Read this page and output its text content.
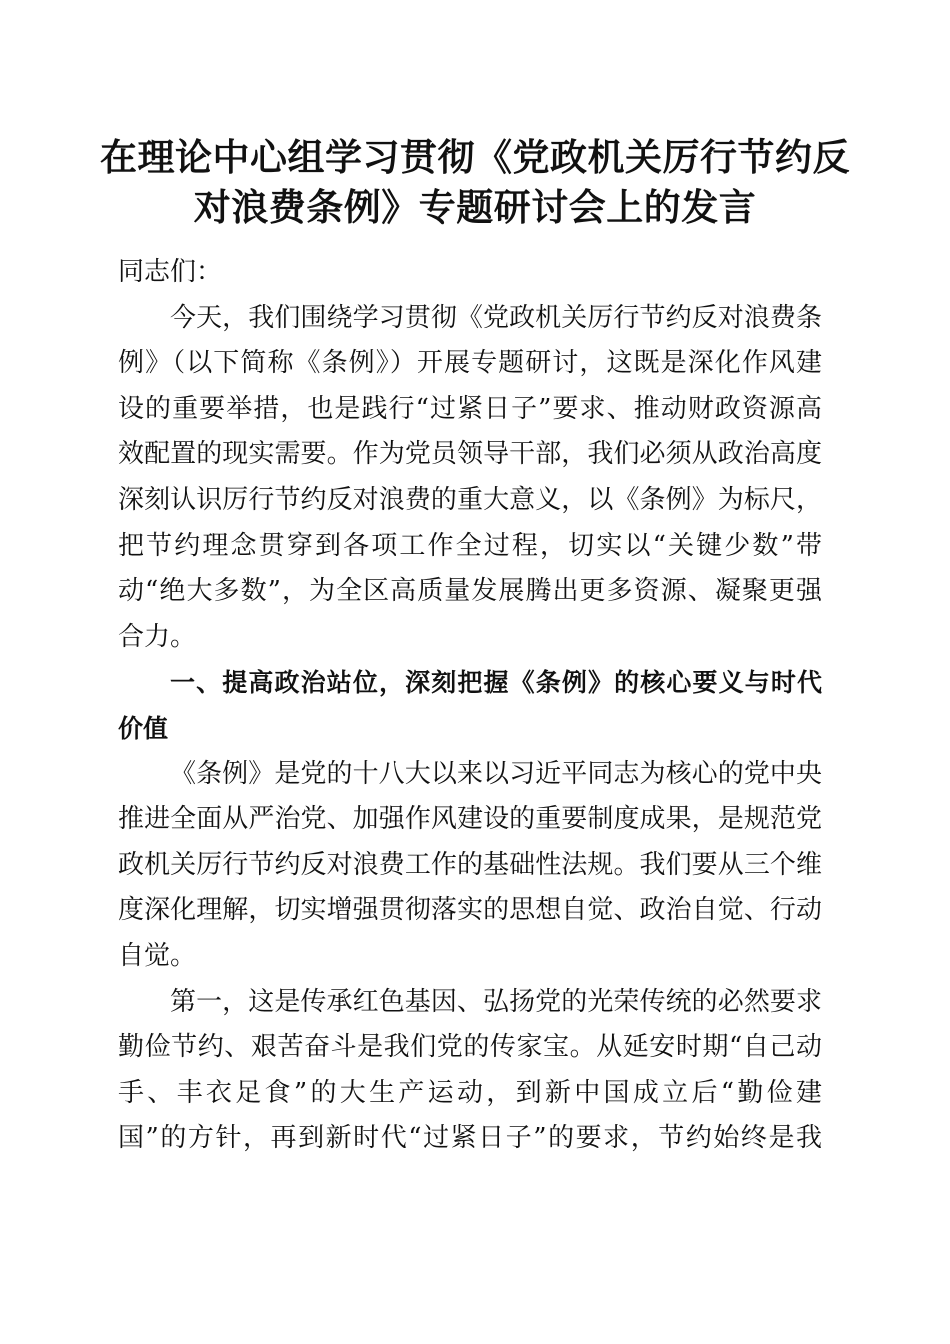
在理论中心组学习贯彻《党政机关厉行节约反
对浪费条例》专题研讨会上的发言
同志们：
今天，我们围绕学习贯彻《党政机关厉行节约反对浪费条
例》（以下简称《条例》）开展专题研讨，这既是深化作风建
设的重要举措，也是践行“过紧日子”要求、推动财政资源高
效配置的现实需要。作为党员领导干部，我们必须从政治高度
深刻认识厉行节约反对浪费的重大意义，以《条例》为标尺，
把节约理念贯穿到各项工作全过程，切实以“关键少数”带
动“绝大多数”，为全区高质量发展腾出更多资源、凝聚更强
合力。
一、提高政治站位，深刻把握《条例》的核心要义与时代
价值
《条例》是党的十八大以来以习近平同志为核心的党中央
推进全面从严治党、加强作风建设的重要制度成果，是规范党
政机关厉行节约反对浪费工作的基础性法规。我们要从三个维
度深化理解，切实增强贯彻落实的思想自觉、政治自觉、行动
自觉。
第一，这是传承红色基因、弘扬党的光荣传统的必然要求
勤俭节约、艰苦奋斗是我们党的传家宝。从延安时期“自己动
手、丰衣足食”的大生产运动，到新中国成立后“勤俭建
国”的方针，再到新时代“过紧日子”的要求，节约始终是我
